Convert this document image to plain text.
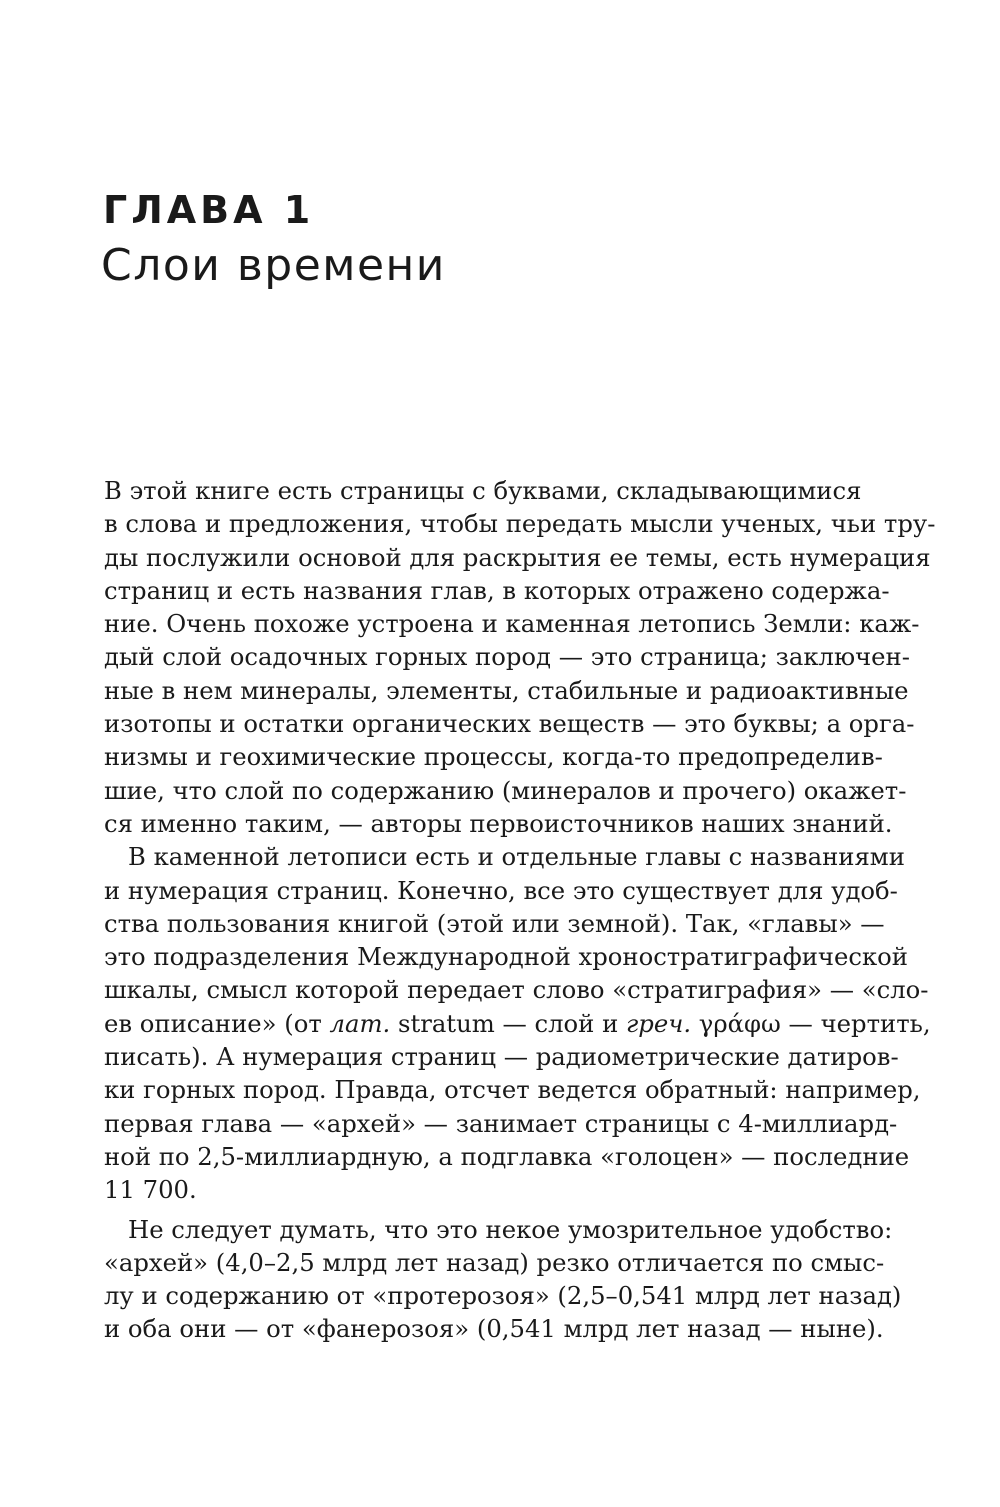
ГЛАВА 1
Слои времени
В этой книге есть страницы с буквами, складывающимися
в слова и предложения, чтобы передать мысли ученых, чьи тру-
ды послужили основой для раскрытия ее темы, есть нумерация
страниц и есть названия глав, в которых отражено содержа-
ние. Очень похоже устроена и каменная летопись Земли: каж-
дый слой осадочных горных пород — это страница; заключен-
ные в нем минералы, элементы, стабильные и радиоактивные
изотопы и остатки органических веществ — это буквы; а орга-
низмы и геохимические процессы, когда-то предопределив-
шие, что слой по содержанию (минералов и прочего) окажет-
ся именно таким, — авторы первоисточников наших знаний.
В каменной летописи есть и отдельные главы с названиями
и нумерация страниц. Конечно, все это существует для удоб-
ства пользования книгой (этой или земной). Так, «главы» —
это подразделения Международной хроностратиграфической
шкалы, смысл которой передает слово «стратиграфия» — «сло-
ев описание» (от лат. stratum — слой и греч. γράφω — чертить,
писать). А нумерация страниц — радиометрические датиров-
ки горных пород. Правда, отсчет ведется обратный: например,
первая глава — «архей» — занимает страницы с 4-миллиард-
ной по 2,5-миллиардную, а подглавка «голоцен» — последние
11 700.
Не следует думать, что это некое умозрительное удобство:
«архей» (4,0–2,5 млрд лет назад) резко отличается по смыс-
лу и содержанию от «протерозоя» (2,5–0,541 млрд лет назад)
и оба они — от «фанерозоя» (0,541 млрд лет назад — ныне).
